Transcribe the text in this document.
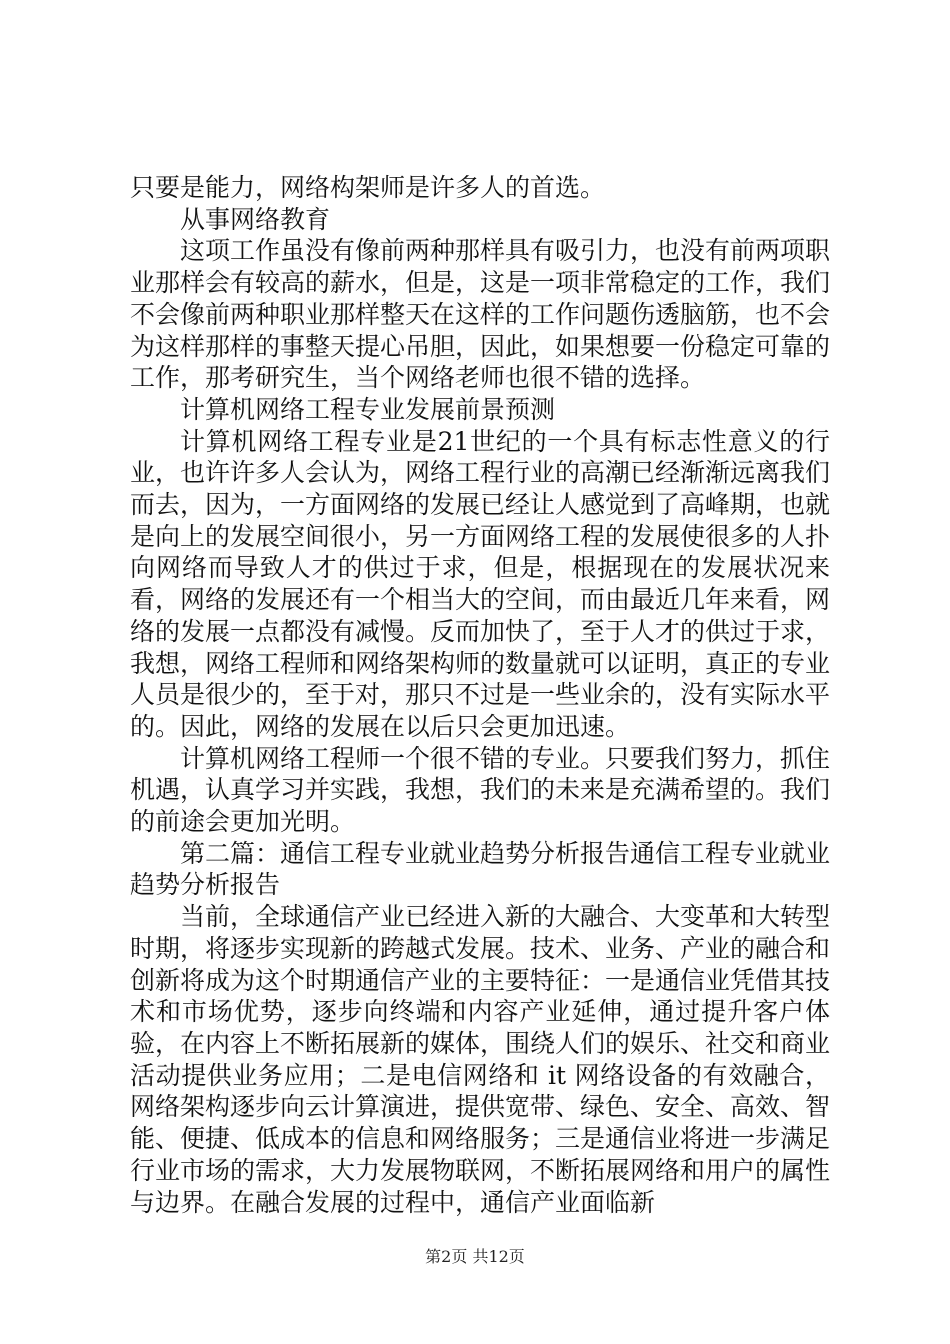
只要是能力，网络构架师是许多人的首选。

从事网络教育

这项工作虽没有像前两种那样具有吸引力，也没有前两项职业那样会有较高的薪水，但是，这是一项非常稳定的工作，我们不会像前两种职业那样整天在这样的工作问题伤透脑筋，也不会为这样那样的事整天提心吊胆，因此，如果想要一份稳定可靠的工作，那考研究生，当个网络老师也很不错的选择。

计算机网络工程专业发展前景预测

计算机网络工程专业是21世纪的一个具有标志性意义的行业，也许许多人会认为，网络工程行业的高潮已经渐渐远离我们而去，因为，一方面网络的发展已经让人感觉到了高峰期，也就是向上的发展空间很小，另一方面网络工程的发展使很多的人扑向网络而导致人才的供过于求，但是，根据现在的发展状况来看，网络的发展还有一个相当大的空间，而由最近几年来看，网络的发展一点都没有减慢。反而加快了，至于人才的供过于求，我想，网络工程师和网络架构师的数量就可以证明，真正的专业人员是很少的，至于对，那只不过是一些业余的，没有实际水平的。因此，网络的发展在以后只会更加迅速。

计算机网络工程师一个很不错的专业。只要我们努力，抓住机遇，认真学习并实践，我想，我们的未来是充满希望的。我们的前途会更加光明。

第二篇：通信工程专业就业趋势分析报告通信工程专业就业趋势分析报告

当前，全球通信产业已经进入新的大融合、大变革和大转型时期，将逐步实现新的跨越式发展。技术、业务、产业的融合和创新将成为这个时期通信产业的主要特征：一是通信业凭借其技术和市场优势，逐步向终端和内容产业延伸，通过提升客户体验，在内容上不断拓展新的媒体，围绕人们的娱乐、社交和商业活动提供业务应用；二是电信网络和 it 网络设备的有效融合，网络架构逐步向云计算演进，提供宽带、绿色、安全、高效、智能、便捷、低成本的信息和网络服务；三是通信业将进一步满足行业市场的需求，大力发展物联网，不断拓展网络和用户的属性与边界。在融合发展的过程中，通信产业面临新

第2页 共12页
